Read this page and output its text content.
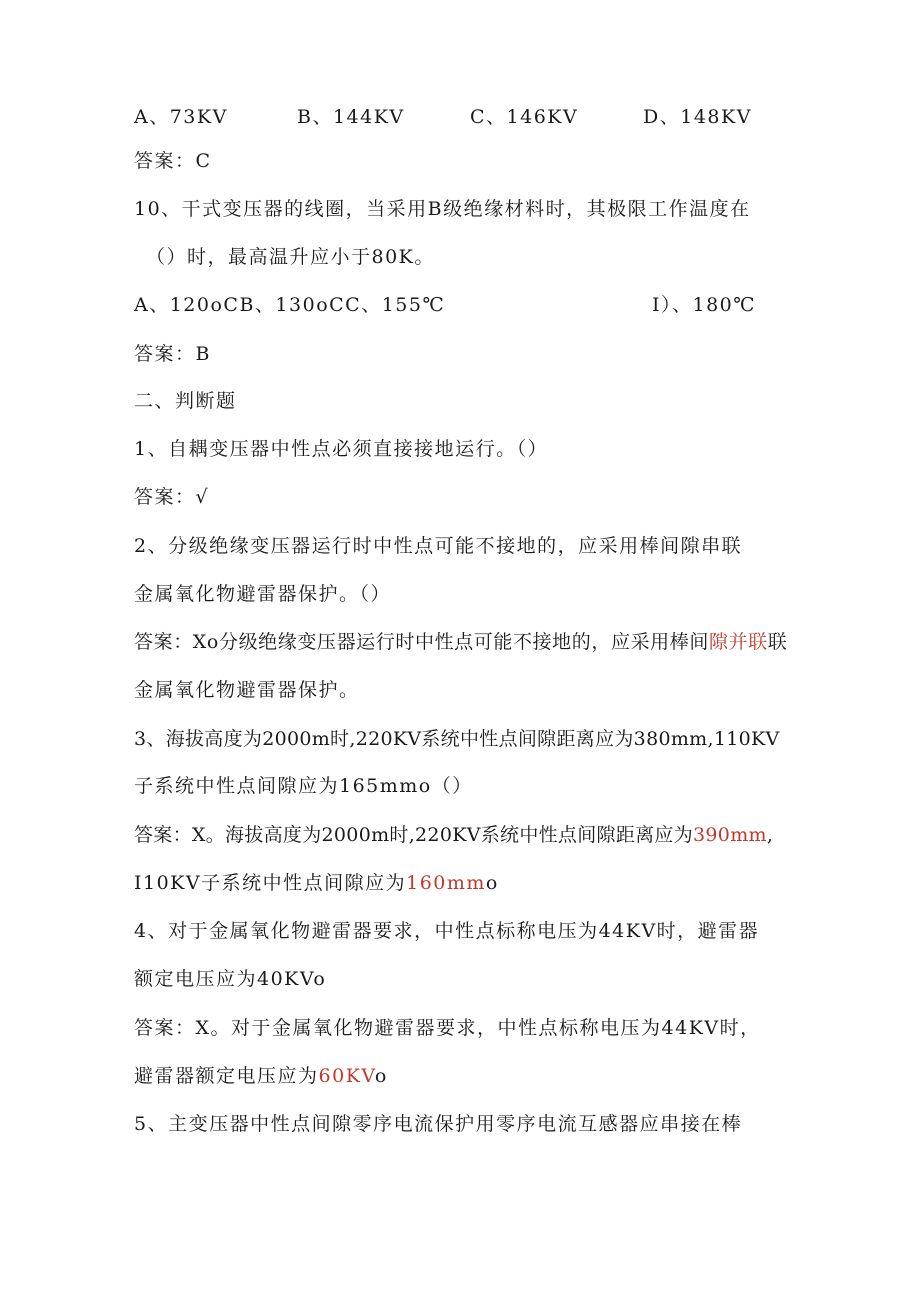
A、73KV	B、144KV	C、146KV	D、148KV
答案：C
10、干式变压器的线圈，当采用B级绝缘材料时，其极限工作温度在
（）时，最高温升应小于80K。
A、120oCB、130oCC、155℃	I）、180℃
答案：B
二、判断题
1、自耦变压器中性点必须直接接地运行。（）
答案：√
2、分级绝缘变压器运行时中性点可能不接地的，应采用棒间隙串联
金属氧化物避雷器保护。（）
答案：Xo分级绝缘变压器运行时中性点可能不接地的，应采用棒间隙并联联
金属氧化物避雷器保护。
3、海拔高度为2000m时,220KV系统中性点间隙距离应为380mm,110KV
子系统中性点间隙应为165mmo（）
答案：X。海拔高度为2000m时,220KV系统中性点间隙距离应为390mm,
I10KV子系统中性点间隙应为160mmo
4、对于金属氧化物避雷器要求，中性点标称电压为44KV时，避雷器
额定电压应为40KVo
答案：X。对于金属氧化物避雷器要求，中性点标称电压为44KV时，
避雷器额定电压应为60KVo
5、主变压器中性点间隙零序电流保护用零序电流互感器应串接在棒
